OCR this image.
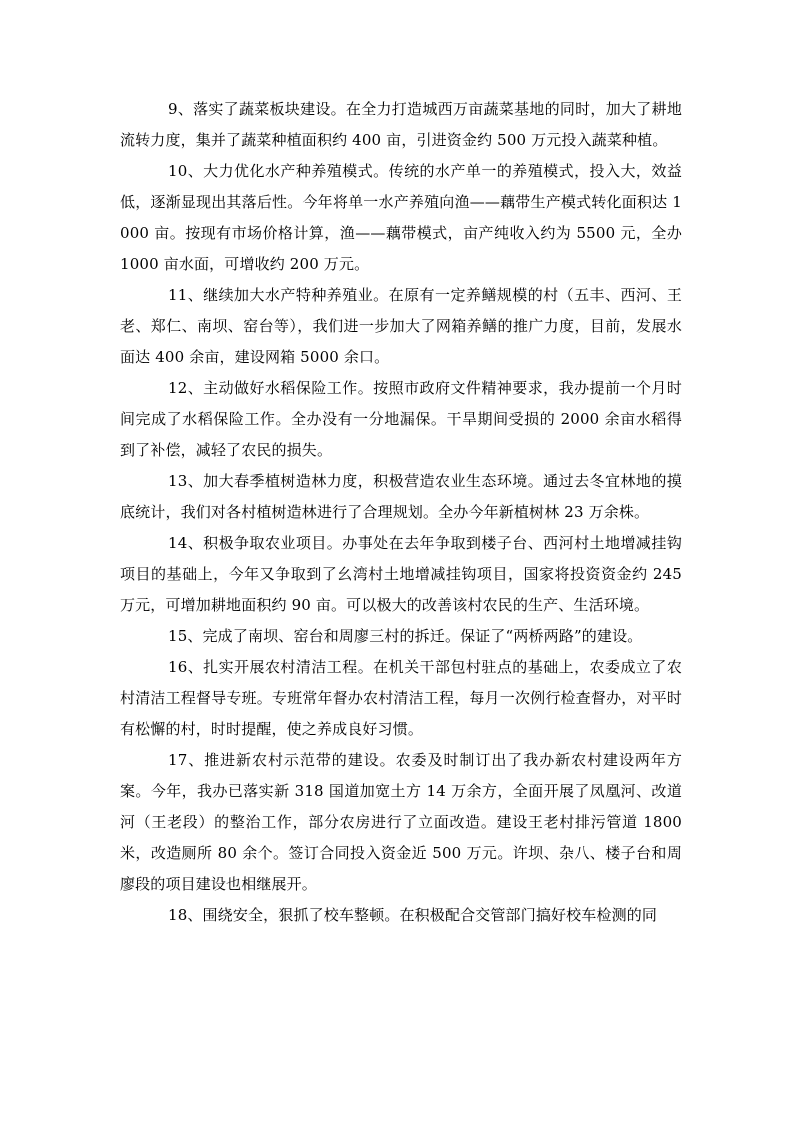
9、落实了蔬菜板块建设。在全力打造城西万亩蔬菜基地的同时，加大了耕地流转力度，集并了蔬菜种植面积约 400 亩，引进资金约 500 万元投入蔬菜种植。

10、大力优化水产种养殖模式。传统的水产单一的养殖模式，投入大，效益低，逐渐显现出其落后性。今年将单一水产养殖向渔——藕带生产模式转化面积达 1000 亩。按现有市场价格计算，渔——藕带模式，亩产纯收入约为 5500 元，全办 1000 亩水面，可增收约 200 万元。

11、继续加大水产特种养殖业。在原有一定养鳝规模的村（五丰、西河、王老、郑仁、南坝、窑台等），我们进一步加大了网箱养鳝的推广力度，目前，发展水面达 400 余亩，建设网箱 5000 余口。

12、主动做好水稻保险工作。按照市政府文件精神要求，我办提前一个月时间完成了水稻保险工作。全办没有一分地漏保。干旱期间受损的 2000 余亩水稻得到了补偿，减轻了农民的损失。

13、加大春季植树造林力度，积极营造农业生态环境。通过去冬宜林地的摸底统计，我们对各村植树造林进行了合理规划。全办今年新植树林 23 万余株。

14、积极争取农业项目。办事处在去年争取到楼子台、西河村土地增减挂钩项目的基础上，今年又争取到了幺湾村土地增减挂钩项目，国家将投资资金约 245 万元，可增加耕地面积约 90 亩。可以极大的改善该村农民的生产、生活环境。

15、完成了南坝、窑台和周廖三村的拆迁。保证了“两桥两路”的建设。

16、扎实开展农村清洁工程。在机关干部包村驻点的基础上，农委成立了农村清洁工程督导专班。专班常年督办农村清洁工程，每月一次例行检查督办，对平时有松懈的村，时时提醒，使之养成良好习惯。

17、推进新农村示范带的建设。农委及时制订出了我办新农村建设两年方案。今年，我办已落实新 318 国道加宽土方 14 万余方，全面开展了凤凰河、改道河（王老段）的整治工作，部分农房进行了立面改造。建设王老村排污管道 1800 米，改造厕所 80 余个。签订合同投入资金近 500 万元。许坝、杂八、楼子台和周廖段的项目建设也相继展开。

18、围绕安全，狠抓了校车整顿。在积极配合交管部门搞好校车检测的同
